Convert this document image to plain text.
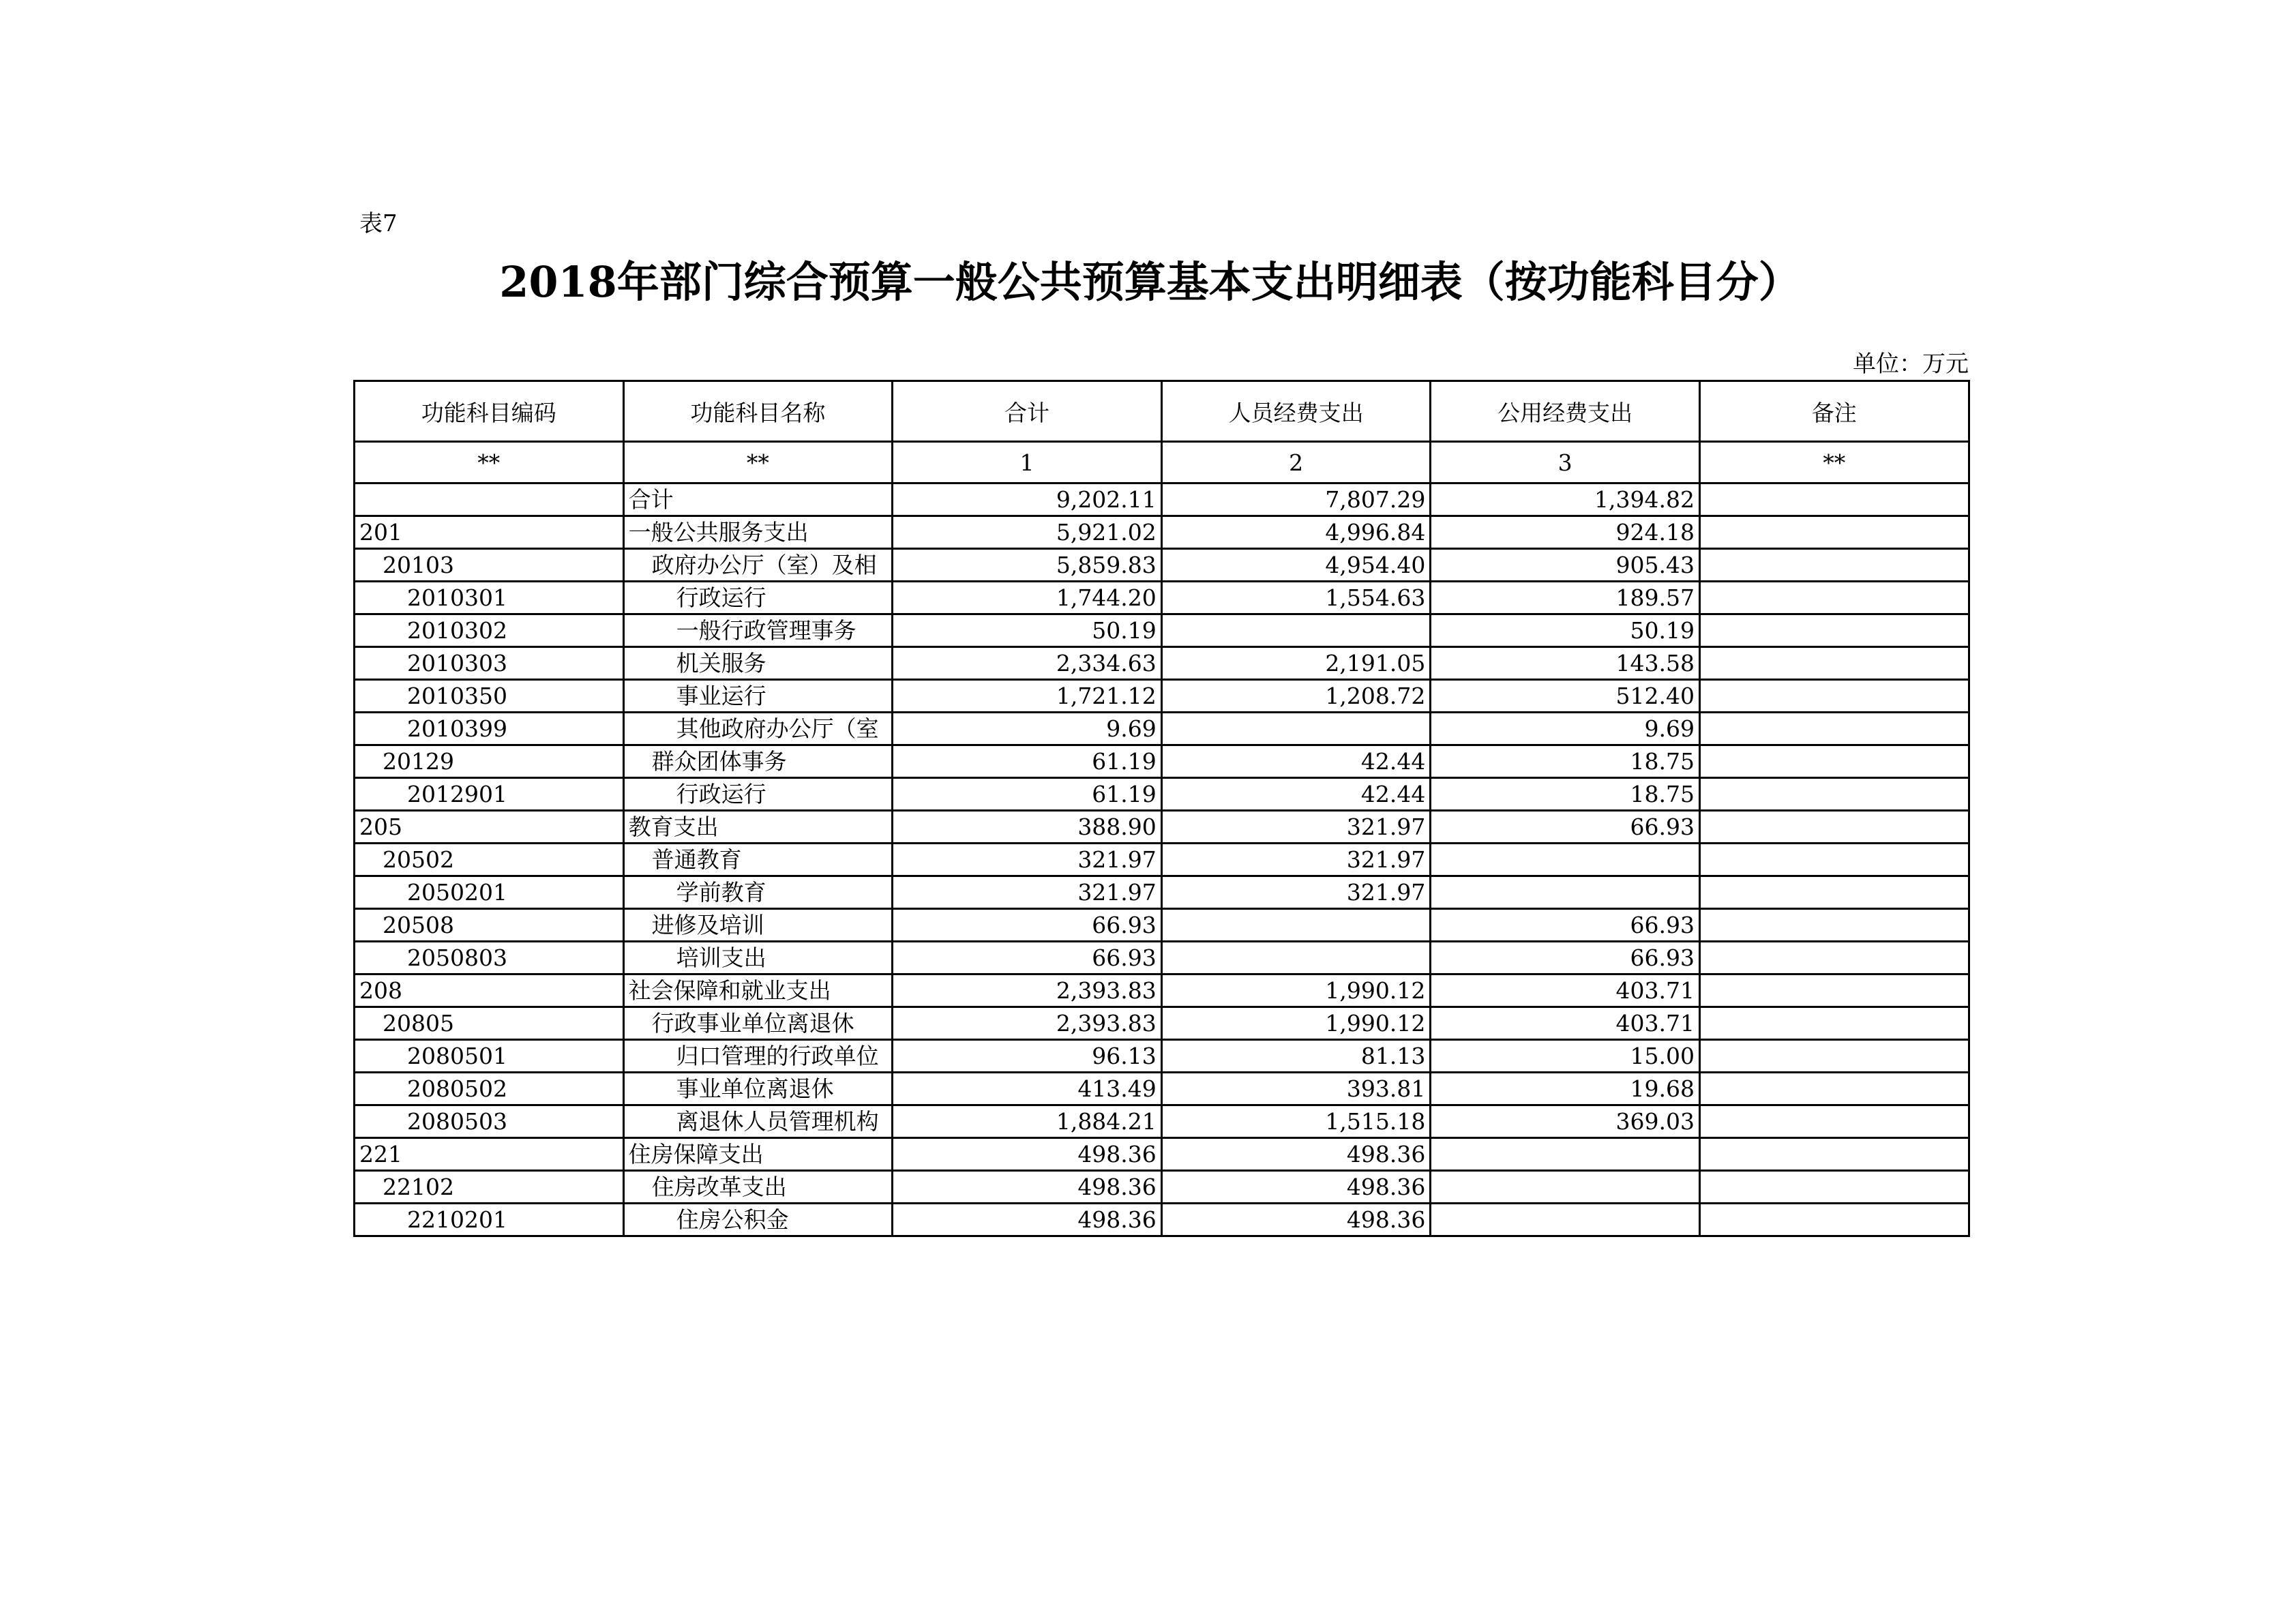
表7
2018年部门综合预算一般公共预算基本支出明细表（按功能科目分）
单位：万元
功能科目编码	功能科目名称	合计	人员经费支出	公用经费支出	备注
**	**	1	2	3	**
	合计	9,202.11	7,807.29	1,394.82	
201	一般公共服务支出	5,921.02	4,996.84	924.18	
20103	政府办公厅（室）及相	5,859.83	4,954.40	905.43	
2010301	行政运行	1,744.20	1,554.63	189.57	
2010302	一般行政管理事务	50.19		50.19	
2010303	机关服务	2,334.63	2,191.05	143.58	
2010350	事业运行	1,721.12	1,208.72	512.40	
2010399	其他政府办公厅（室	9.69		9.69	
20129	群众团体事务	61.19	42.44	18.75	
2012901	行政运行	61.19	42.44	18.75	
205	教育支出	388.90	321.97	66.93	
20502	普通教育	321.97	321.97		
2050201	学前教育	321.97	321.97		
20508	进修及培训	66.93		66.93	
2050803	培训支出	66.93		66.93	
208	社会保障和就业支出	2,393.83	1,990.12	403.71	
20805	行政事业单位离退休	2,393.83	1,990.12	403.71	
2080501	归口管理的行政单位	96.13	81.13	15.00	
2080502	事业单位离退休	413.49	393.81	19.68	
2080503	离退休人员管理机构	1,884.21	1,515.18	369.03	
221	住房保障支出	498.36	498.36		
22102	住房改革支出	498.36	498.36		
2210201	住房公积金	498.36	498.36		
